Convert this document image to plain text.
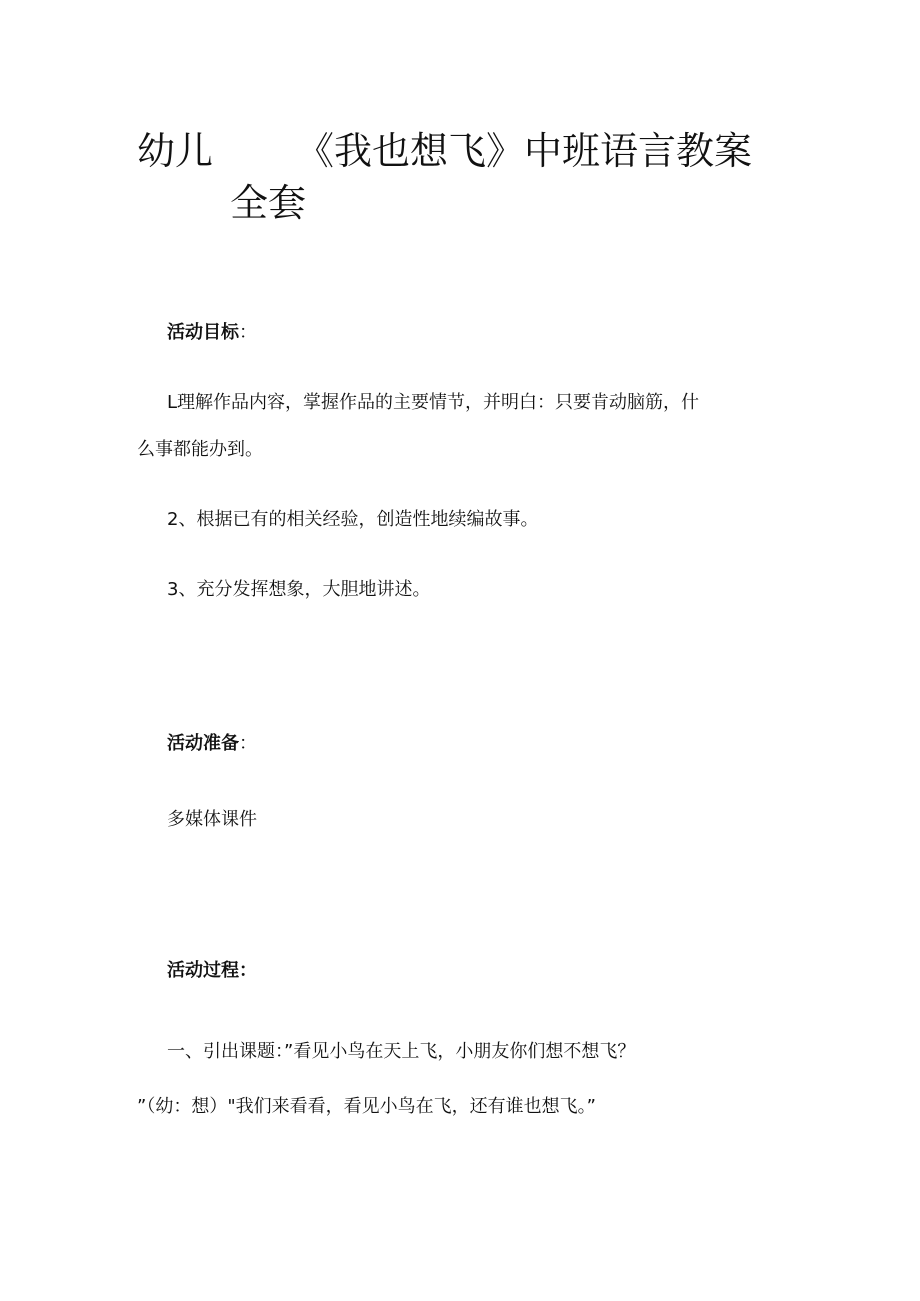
幼儿 《我也想飞》中班语言教案
全套
活动目标：
L理解作品内容，掌握作品的主要情节，并明白：只要肯动脑筋，什
么事都能办到。
2、根据已有的相关经验，创造性地续编故事。
3、充分发挥想象，大胆地讲述。
活动准备：
多媒体课件
活动过程：
一、引出课题：”看见小鸟在天上飞，小朋友你们想不想飞？
”（幼：想）"我们来看看，看见小鸟在飞，还有谁也想飞。”
